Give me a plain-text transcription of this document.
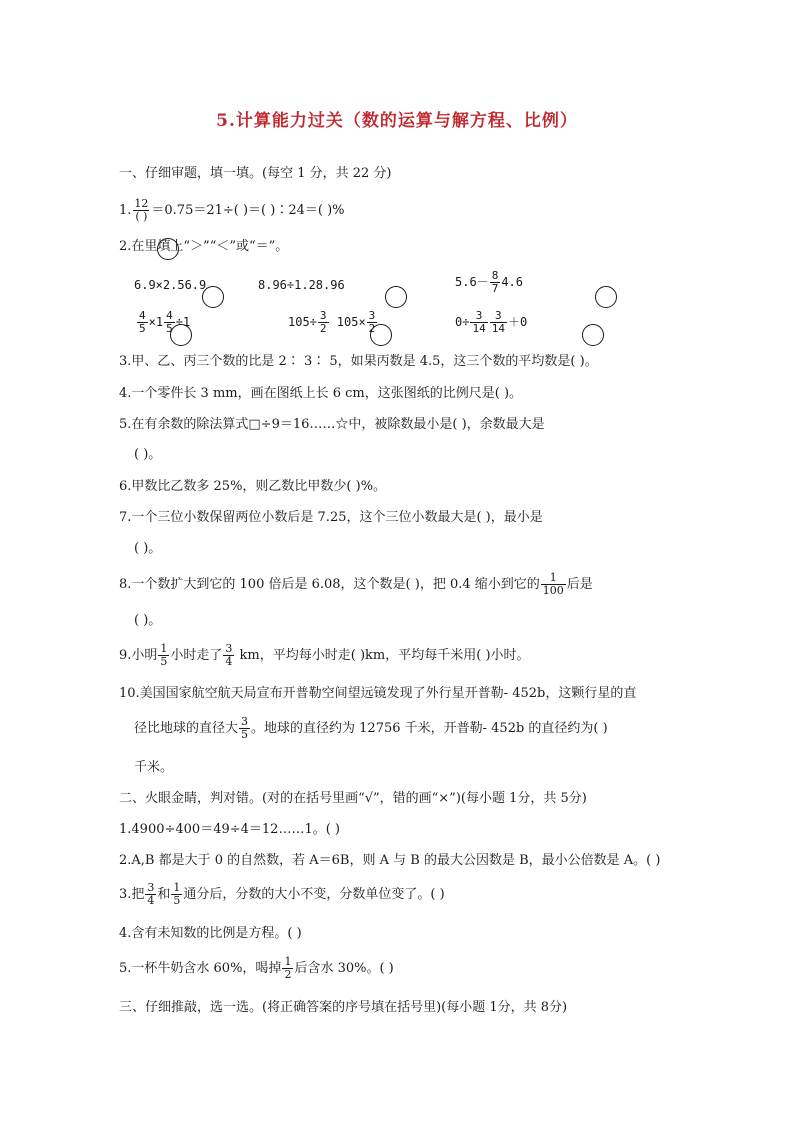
5.计算能力过关（数的运算与解方程、比例）
一、仔细审题，填一填。(每空 1 分，共 22 分)
1. $\frac{12}{( )} =0.75=21\div$( )＝( )∶24＝( )%
2.在里填上“＞”“＜”或“＝”。
6.9×2.56.9	8.96÷1.28.96	$5.6- \frac{8}{7} 4.6$
$\frac{4}{5} \times 1 \frac{4}{5} \div 1$	$105\div \frac{3}{2} 105\times \frac{3}{2}$	$0\div \frac{3}{14} \frac{3}{14} +0$
3.甲、乙、丙三个数的比是 2∶ 3∶ 5，如果丙数是 4.5，这三个数的平均数是( )。
4.一个零件长 3 mm，画在图纸上长 6 cm，这张图纸的比例尺是( )。
5.在有余数的除法算式□÷9＝16……☆中，被除数最小是( )，余数最大是
( )。
6.甲数比乙数多 25%，则乙数比甲数少( )%。
7.一个三位小数保留两位小数后是 7.25，这个三位小数最大是( )，最小是
( )。
8.一个数扩大到它的 100 倍后是 6.08，这个数是( )，把 0.4 缩小到它的 $\frac{1}{100}$ 后是
( )。
9.小明 $\frac{1}{5}$ 小时走了 $\frac{3}{4}$ km，平均每小时走( )km，平均每千米用( )小时。
10.美国国家航空航天局宣布开普勒空间望远镜发现了外行星开普勒- 452b，这颗行星的直
径比地球的直径大 $\frac{3}{5}$ 。地球的直径约为 12756 千米，开普勒- 452b 的直径约为( )
千米。
二、火眼金睛，判对错。(对的在括号里画“√”，错的画“×”)(每小题 1分，共 5分)
1.4900÷400＝49÷4＝12……1。( )
2.A,B 都是大于 0 的自然数，若 A＝6B，则 A 与 B 的最大公因数是 B，最小公倍数是 A。( )
3.把 $\frac{3}{4}$ 和 $\frac{1}{5}$ 通分后，分数的大小不变，分数单位变了。( )
4.含有未知数的比例是方程。( )
5.一杯牛奶含水 60%，喝掉 $\frac{1}{2}$ 后含水 30%。( )
三、仔细推敲，选一选。(将正确答案的序号填在括号里)(每小题 1分，共 8分)
